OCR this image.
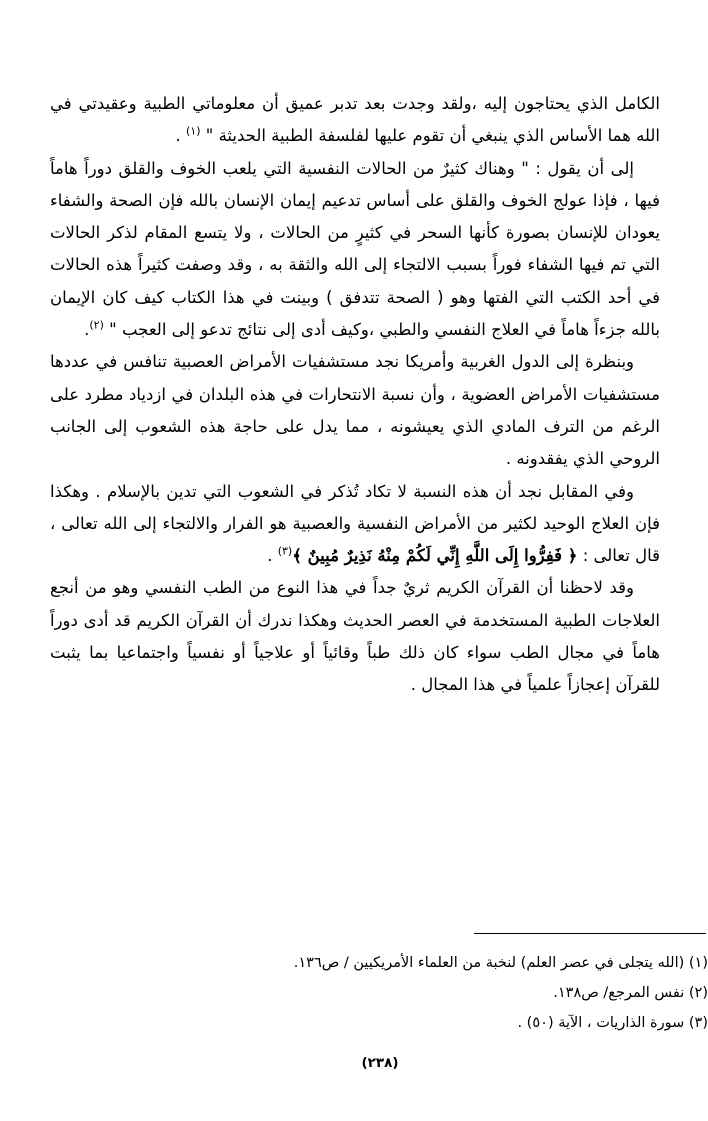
الكامل الذي يحتاجون إليه ،ولقد وجدت بعد تدبر عميق أن معلوماتي الطبية وعقيدتي في الله هما الأساس الذي ينبغي أن تقوم عليها لفلسفة الطبية الحديثة " $^{(١)}$ .

إلى أن يقول : " وهناك كثيرٌ من الحالات النفسية التي يلعب الخوف والقلق دوراً هاماً فيها ، فإذا عولج الخوف والقلق على أساس تدعيم إيمان الإنسان بالله فإن الصحة والشفاء يعودان للإنسان بصورة كأنها السحر في كثيرٍ من الحالات ، ولا يتسع المقام لذكر الحالات التي تم فيها الشفاء فوراً بسبب الالتجاء إلى الله والثقة به ، وقد وصفت كثيراً هذه الحالات في أحد الكتب التي الفتها وهو ( الصحة تتدفق ) وبينت في هذا الكتاب كيف كان الإيمان بالله جزءاً هاماً في العلاج النفسي والطبي ،وكيف أدى إلى نتائج تدعو إلى العجب " $^{(٢)}$.

وبنظرة إلى الدول الغربية وأمريكا نجد مستشفيات الأمراض العصبية تنافس في عددها مستشفيات الأمراض العضوية ، وأن نسبة الانتحارات في هذه البلدان في ازدياد مطرد على الرغم من الترف المادي الذي يعيشونه ، مما يدل على حاجة هذه الشعوب إلى الجانب الروحي الذي يفقدونه .

وفي المقابل نجد أن هذه النسبة لا تكاد تُذكر في الشعوب التي تدين بالإسلام . وهكذا فإن العلاج الوحيد لكثير من الأمراض النفسية والعصبية هو الفرار والالتجاء إلى الله تعالى ، قال تعالى : ﴿ فَفِرُّوا إِلَى اللَّهِ إِنِّي لَكُمْ مِنْهُ نَذِيرٌ مُبِينٌ ﴾$^{(٣)}$ .

وقد لاحظنا أن القرآن الكريم ثريٌ جداً في هذا النوع من الطب النفسي وهو من أنجع العلاجات الطبية المستخدمة في العصر الحديث وهكذا ندرك أن القرآن الكريم قد أدى دوراً هاماً في مجال الطب سواء كان ذلك طباً وقائياً أو علاجياً أو نفسياً واجتماعيا بما يثبت للقرآن إعجازاً علمياً في هذا المجال .

(١) (الله يتجلى في عصر العلم) لنخبة من العلماء الأمريكيين / ص١٣٦.

(٢) نفس المرجع/ ص١٣٨.

(٣) سورة الذاريات ، الآية (٥٠) .

(٢٣٨)
